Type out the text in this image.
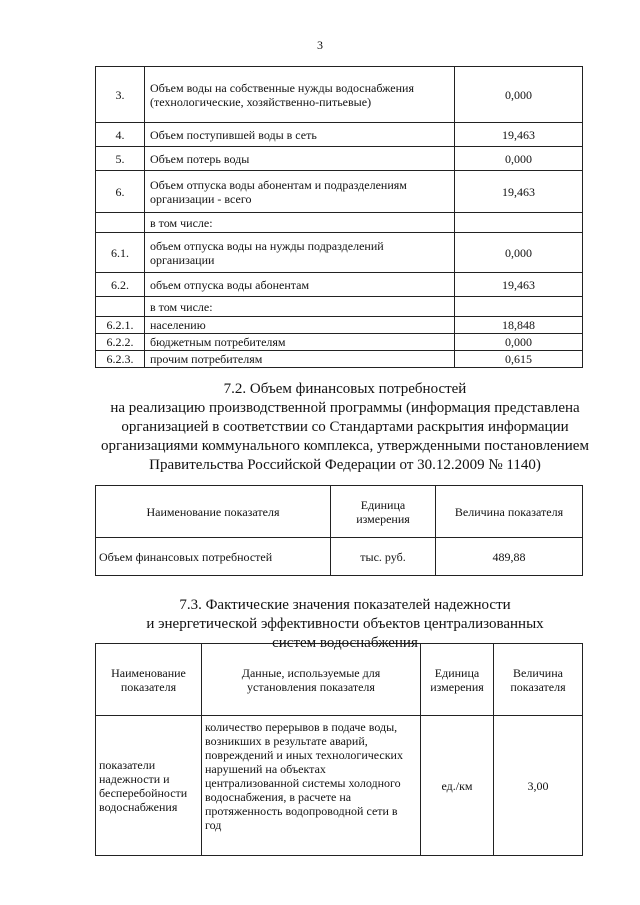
3
3.	Объем воды на собственные нужды водоснабжения (технологические, хозяйственно-питьевые)	0,000
4.	Объем поступившей воды в сеть	19,463
5.	Объем потерь воды	0,000
6.	Объем отпуска воды абонентам и подразделениям организации - всего	19,463
	в том числе:	
6.1.	объем отпуска воды на нужды подразделений организации	0,000
6.2.	объем отпуска воды абонентам	19,463
	в том числе:	
6.2.1.	населению	18,848
6.2.2.	бюджетным потребителям	0,000
6.2.3.	прочим потребителям	0,615
7.2. Объем финансовых потребностей
на реализацию производственной программы (информация представлена
организацией в соответствии со Стандартами раскрытия информации
организациями коммунального комплекса, утвержденными постановлением
Правительства Российской Федерации от 30.12.2009 № 1140)
Наименование показателя	Единица измерения	Величина показателя
Объем финансовых потребностей	тыс. руб.	489,88
7.3. Фактические значения показателей надежности
и энергетической эффективности объектов централизованных
систем водоснабжения
Наименование показателя	Данные, используемые для установления показателя	Единица измерения	Величина показателя
показатели надежности и бесперебойности водоснабжения	количество перерывов в подаче воды, возникших в результате аварий, повреждений и иных технологических нарушений на объектах централизованной системы холодного водоснабжения, в расчете на протяженность водопроводной сети в год	ед./км	3,00
